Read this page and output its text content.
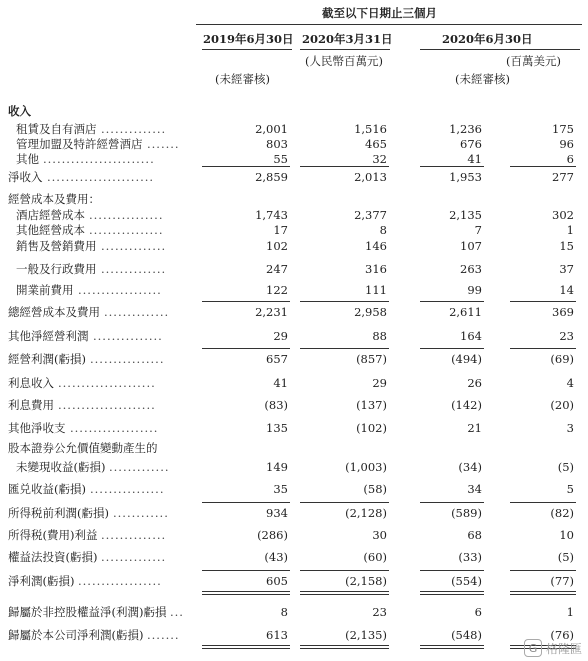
截至以下日期止三個月
2019年6月30日 2020年3月31日	2020年6月30日
(人民幣百萬元)	(百萬美元)
(未經審核)	(未經審核)
收入
租賃及自有酒店 ..............	2,001	1,516	1,236	175
管理加盟及特許經營酒店 .......	803	465	676	96
其他 ........................	55	32	41	6
淨收入 .......................	2,859	2,013	1,953	277
經營成本及費用：
酒店經營成本 ................	1,743	2,377	2,135	302
其他經營成本 ................	17	8	7	1
銷售及營銷費用 ..............	102	146	107	15
一般及行政費用 ..............	247	316	263	37
開業前費用 ..................	122	111	99	14
總經營成本及費用 ..............	2,231	2,958	2,611	369
其他淨經營利潤 ...............	29	88	164	23
經營利潤(虧損) ................	657	(857)	(494)	(69)
利息收入 .....................	41	29	26	4
利息費用 .....................	(83)	(137)	(142)	(20)
其他淨收支 ...................	135	(102)	21	3
股本證券公允價值變動產生的
未變現收益(虧損) .............	149	(1,003)	(34)	(5)
匯兑收益(虧損) ................	35	(58)	34	5
所得税前利潤(虧損) ............	934	(2,128)	(589)	(82)
所得税(費用)利益 ..............	(286)	30	68	10
權益法投資(虧損) ..............	(43)	(60)	(33)	(5)
淨利潤(虧損) ..................	605	(2,158)	(554)	(77)
歸屬於非控股權益淨(利潤)虧損 ...	8	23	6	1
歸屬於本公司淨利潤(虧損) .......	613	(2,135)	(548)	(76)
G 格隆匯
